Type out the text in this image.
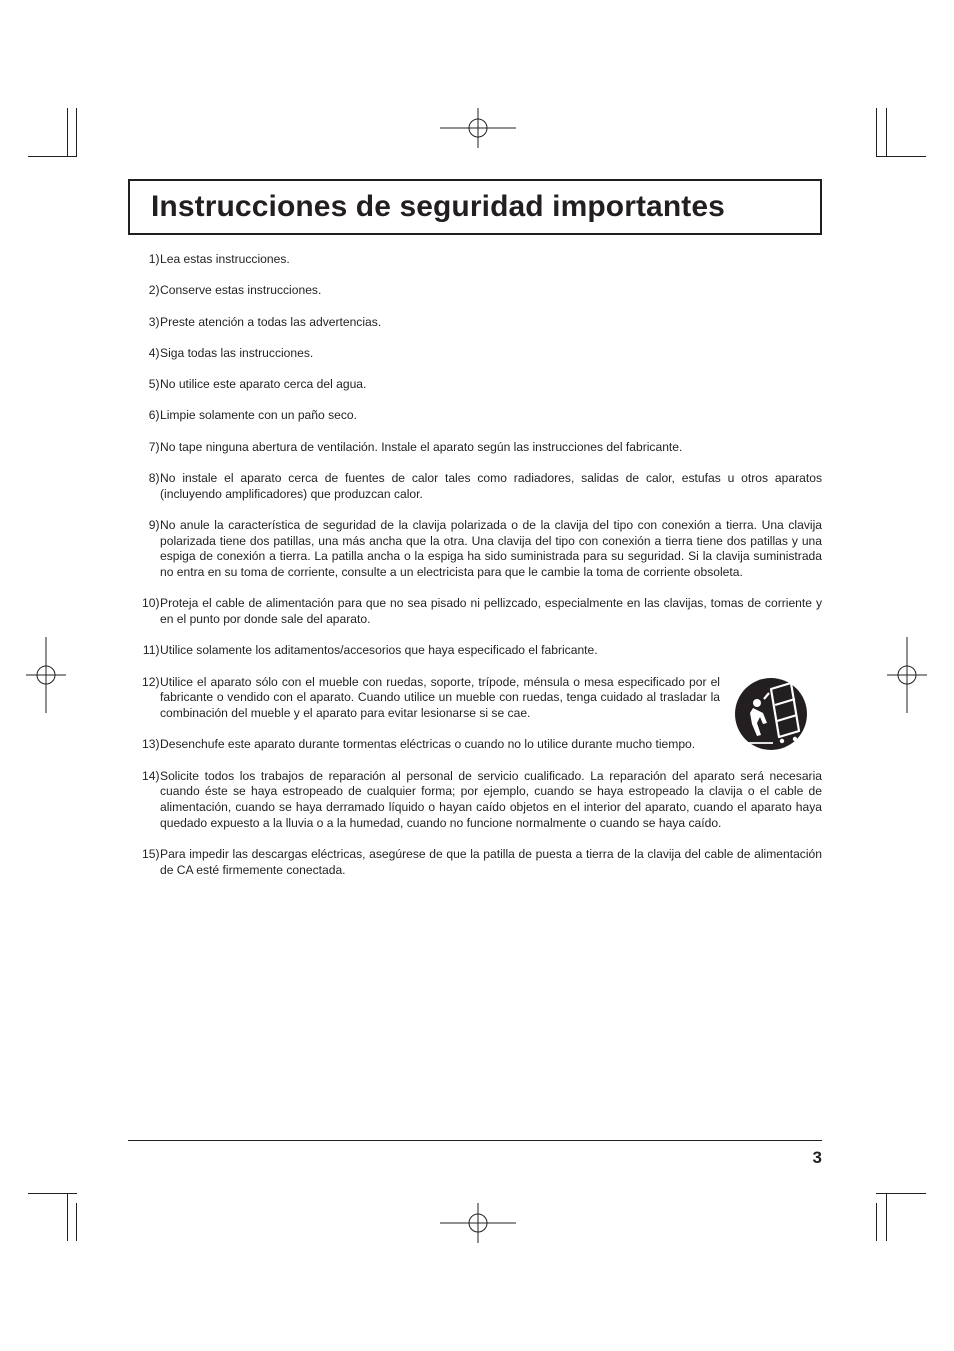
Instrucciones de seguridad importantes
1) Lea estas instrucciones.
2) Conserve estas instrucciones.
3) Preste atención a todas las advertencias.
4) Siga todas las instrucciones.
5) No utilice este aparato cerca del agua.
6) Limpie solamente con un paño seco.
7) No tape ninguna abertura de ventilación. Instale el aparato según las instrucciones del fabricante.
8) No instale el aparato cerca de fuentes de calor tales como radiadores, salidas de calor, estufas u otros aparatos (incluyendo amplificadores) que produzcan calor.
9) No anule la característica de seguridad de la clavija polarizada o de la clavija del tipo con conexión a tierra. Una clavija polarizada tiene dos patillas, una más ancha que la otra. Una clavija del tipo con conexión a tierra tiene dos patillas y una espiga de conexión a tierra. La patilla ancha o la espiga ha sido suministrada para su seguridad. Si la clavija suministrada no entra en su toma de corriente, consulte a un electricista para que le cambie la toma de corriente obsoleta.
10) Proteja el cable de alimentación para que no sea pisado ni pellizcado, especialmente en las clavijas, tomas de corriente y en el punto por donde sale del aparato.
11) Utilice solamente los aditamentos/accesorios que haya especificado el fabricante.
12) Utilice el aparato sólo con el mueble con ruedas, soporte, trípode, ménsula o mesa especificado por el fabricante o vendido con el aparato. Cuando utilice un mueble con ruedas, tenga cuidado al trasladar la combinación del mueble y el aparato para evitar lesionarse si se cae.
13) Desenchufe este aparato durante tormentas eléctricas o cuando no lo utilice durante mucho tiempo.
14) Solicite todos los trabajos de reparación al personal de servicio cualificado. La reparación del aparato será necesaria cuando éste se haya estropeado de cualquier forma; por ejemplo, cuando se haya estropeado la clavija o el cable de alimentación, cuando se haya derramado líquido o hayan caído objetos en el interior del aparato, cuando el aparato haya quedado expuesto a la lluvia o a la humedad, cuando no funcione normalmente o cuando se haya caído.
15) Para impedir las descargas eléctricas, asegúrese de que la patilla de puesta a tierra de la clavija del cable de alimentación de CA esté firmemente conectada.
3
